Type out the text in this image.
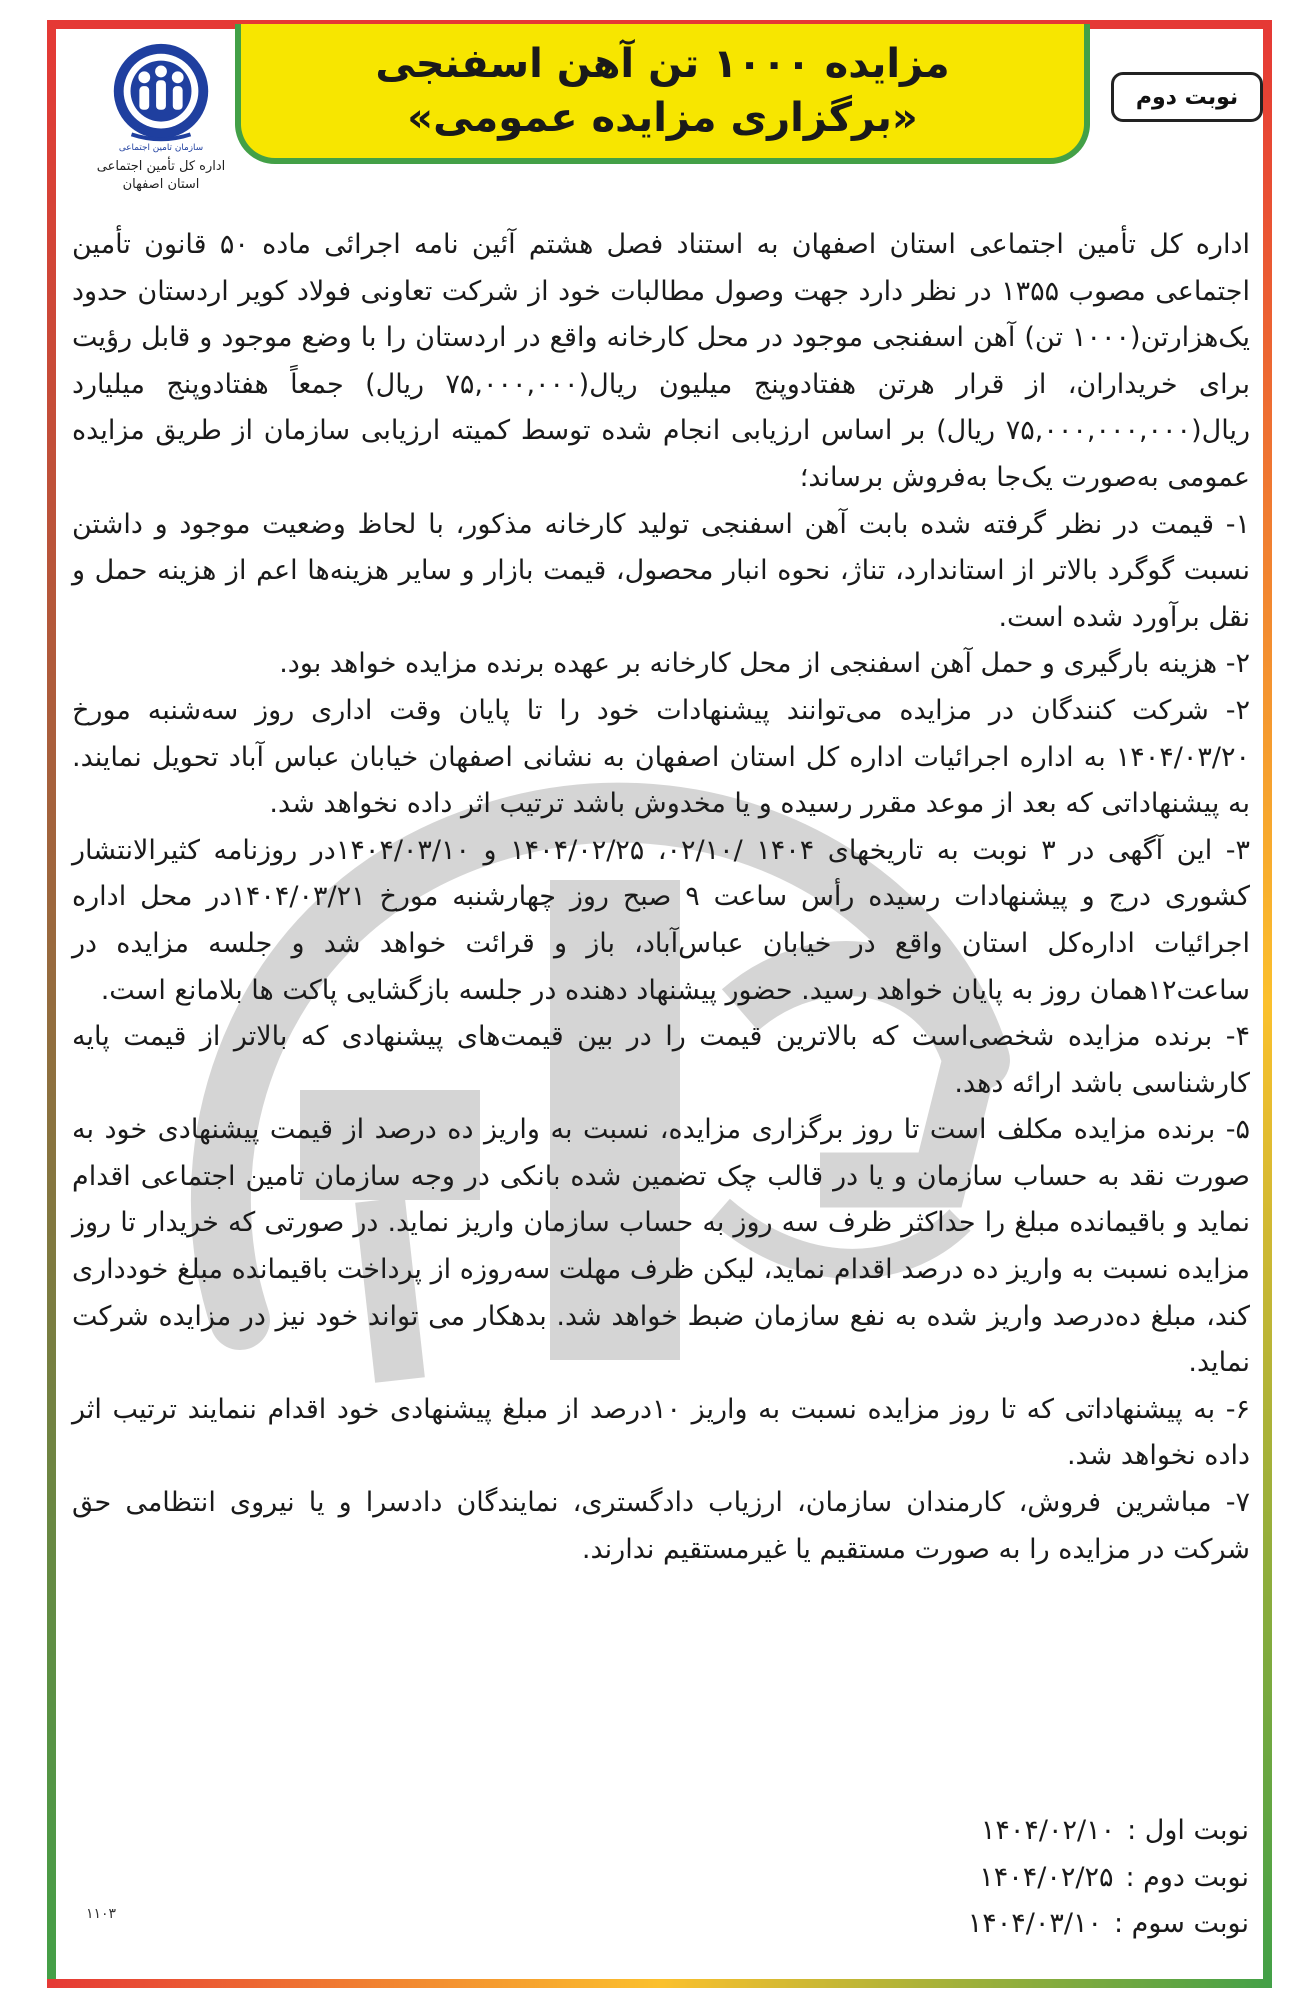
سازمان تامین اجتماعی
اداره کل تأمین اجتماعی
استان اصفهان
مزایده ۱۰۰۰ تن آهن اسفنجی
«برگزاری مزایده عمومی»	نوبت دوم
اداره کل تأمین اجتماعی استان اصفهان به استناد فصل هشتم آئین نامه اجرائی ماده ۵۰ قانون تأمین اجتماعی مصوب ۱۳۵۵ در نظر دارد جهت وصول مطالبات خود از شرکت تعاونی فولاد کویر اردستان حدود یک‌هزارتن(۱۰۰۰ تن) آهن اسفنجی موجود در محل کارخانه واقع در اردستان را با وضع موجود و قابل رؤیت برای خریداران، از قرار هرتن هفتادوپنج میلیون ریال(۷۵,۰۰۰,۰۰۰ ریال) جمعاً هفتادوپنج میلیارد ریال(۷۵,۰۰۰,۰۰۰,۰۰۰ ریال) بر اساس ارزیابی انجام شده توسط کمیته ارزیابی سازمان از طریق مزایده عمومی به‌صورت یک‌جا به‌فروش برساند؛
۱- قیمت در نظر گرفته شده بابت آهن اسفنجی تولید کارخانه مذکور، با لحاظ وضعیت موجود و داشتن نسبت گوگرد بالاتر از استاندارد، تناژ، نحوه انبار محصول، قیمت بازار و سایر هزینه‌ها اعم از هزینه حمل و نقل برآورد شده است.
۲- هزینه بارگیری و حمل آهن اسفنجی از محل کارخانه بر عهده برنده مزایده خواهد بود.
۲- شرکت کنندگان در مزایده می‌توانند پیشنهادات خود را تا پایان وقت اداری روز سه‌شنبه مورخ ۱۴۰۴/۰۳/۲۰ به اداره اجرائیات اداره کل استان اصفهان به نشانی اصفهان خیابان عباس آباد تحویل نمایند. به پیشنهاداتی که بعد از موعد مقرر رسیده و یا مخدوش باشد ترتیب اثر داده نخواهد شد.
۳- این آگهی در ۳ نوبت به تاریخهای ۱۴۰۴ /۰۲/۱۰، ۱۴۰۴/۰۲/۲۵ و ۱۴۰۴/۰۳/۱۰در روزنامه کثیرالانتشار کشوری درج و پیشنهادات رسیده رأس ساعت ۹ صبح روز چهارشنبه مورخ ۱۴۰۴/۰۳/۲۱در محل اداره اجرائیات اداره‌کل استان واقع در خیابان عباس‌آباد، باز و قرائت خواهد شد و جلسه مزایده در ساعت۱۲همان روز به پایان خواهد رسید. حضور پیشنهاد دهنده در جلسه بازگشایی پاکت ها بلامانع است.
۴- برنده مزایده شخصی‌است که بالاترین قیمت را در بین قیمت‌های پیشنهادی که بالاتر از قیمت پایه کارشناسی باشد ارائه دهد.
۵- برنده مزایده مکلف است تا روز برگزاری مزایده، نسبت به واریز ده درصد از قیمت پیشنهادی خود به صورت نقد به حساب سازمان و یا در قالب چک تضمین شده بانکی در وجه سازمان تامین اجتماعی اقدام نماید و باقیمانده مبلغ را حداکثر ظرف سه روز به حساب سازمان واریز نماید. در صورتی که خریدار تا روز مزایده نسبت به واریز ده درصد اقدام نماید، لیکن ظرف مهلت سه‌روزه از پرداخت باقیمانده مبلغ خودداری کند، مبلغ ده‌درصد واریز شده به نفع سازمان ضبط خواهد شد. بدهکار می تواند خود نیز در مزایده شرکت نماید.
۶- به پیشنهاداتی که تا روز مزایده نسبت به واریز ۱۰درصد از مبلغ پیشنهادی خود اقدام ننمایند ترتیب اثر داده نخواهد شد.
۷- مباشرین فروش، کارمندان سازمان، ارزیاب دادگستری، نمایندگان دادسرا و یا نیروی انتظامی حق شرکت در مزایده را به صورت مستقیم یا غیرمستقیم ندارند.
نوبت اول :
۱۴۰۴/۰۲/۱۰
نوبت دوم :
۱۴۰۴/۰۲/۲۵
نوبت سوم :
۱۴۰۴/۰۳/۱۰
۱۱۰۳
